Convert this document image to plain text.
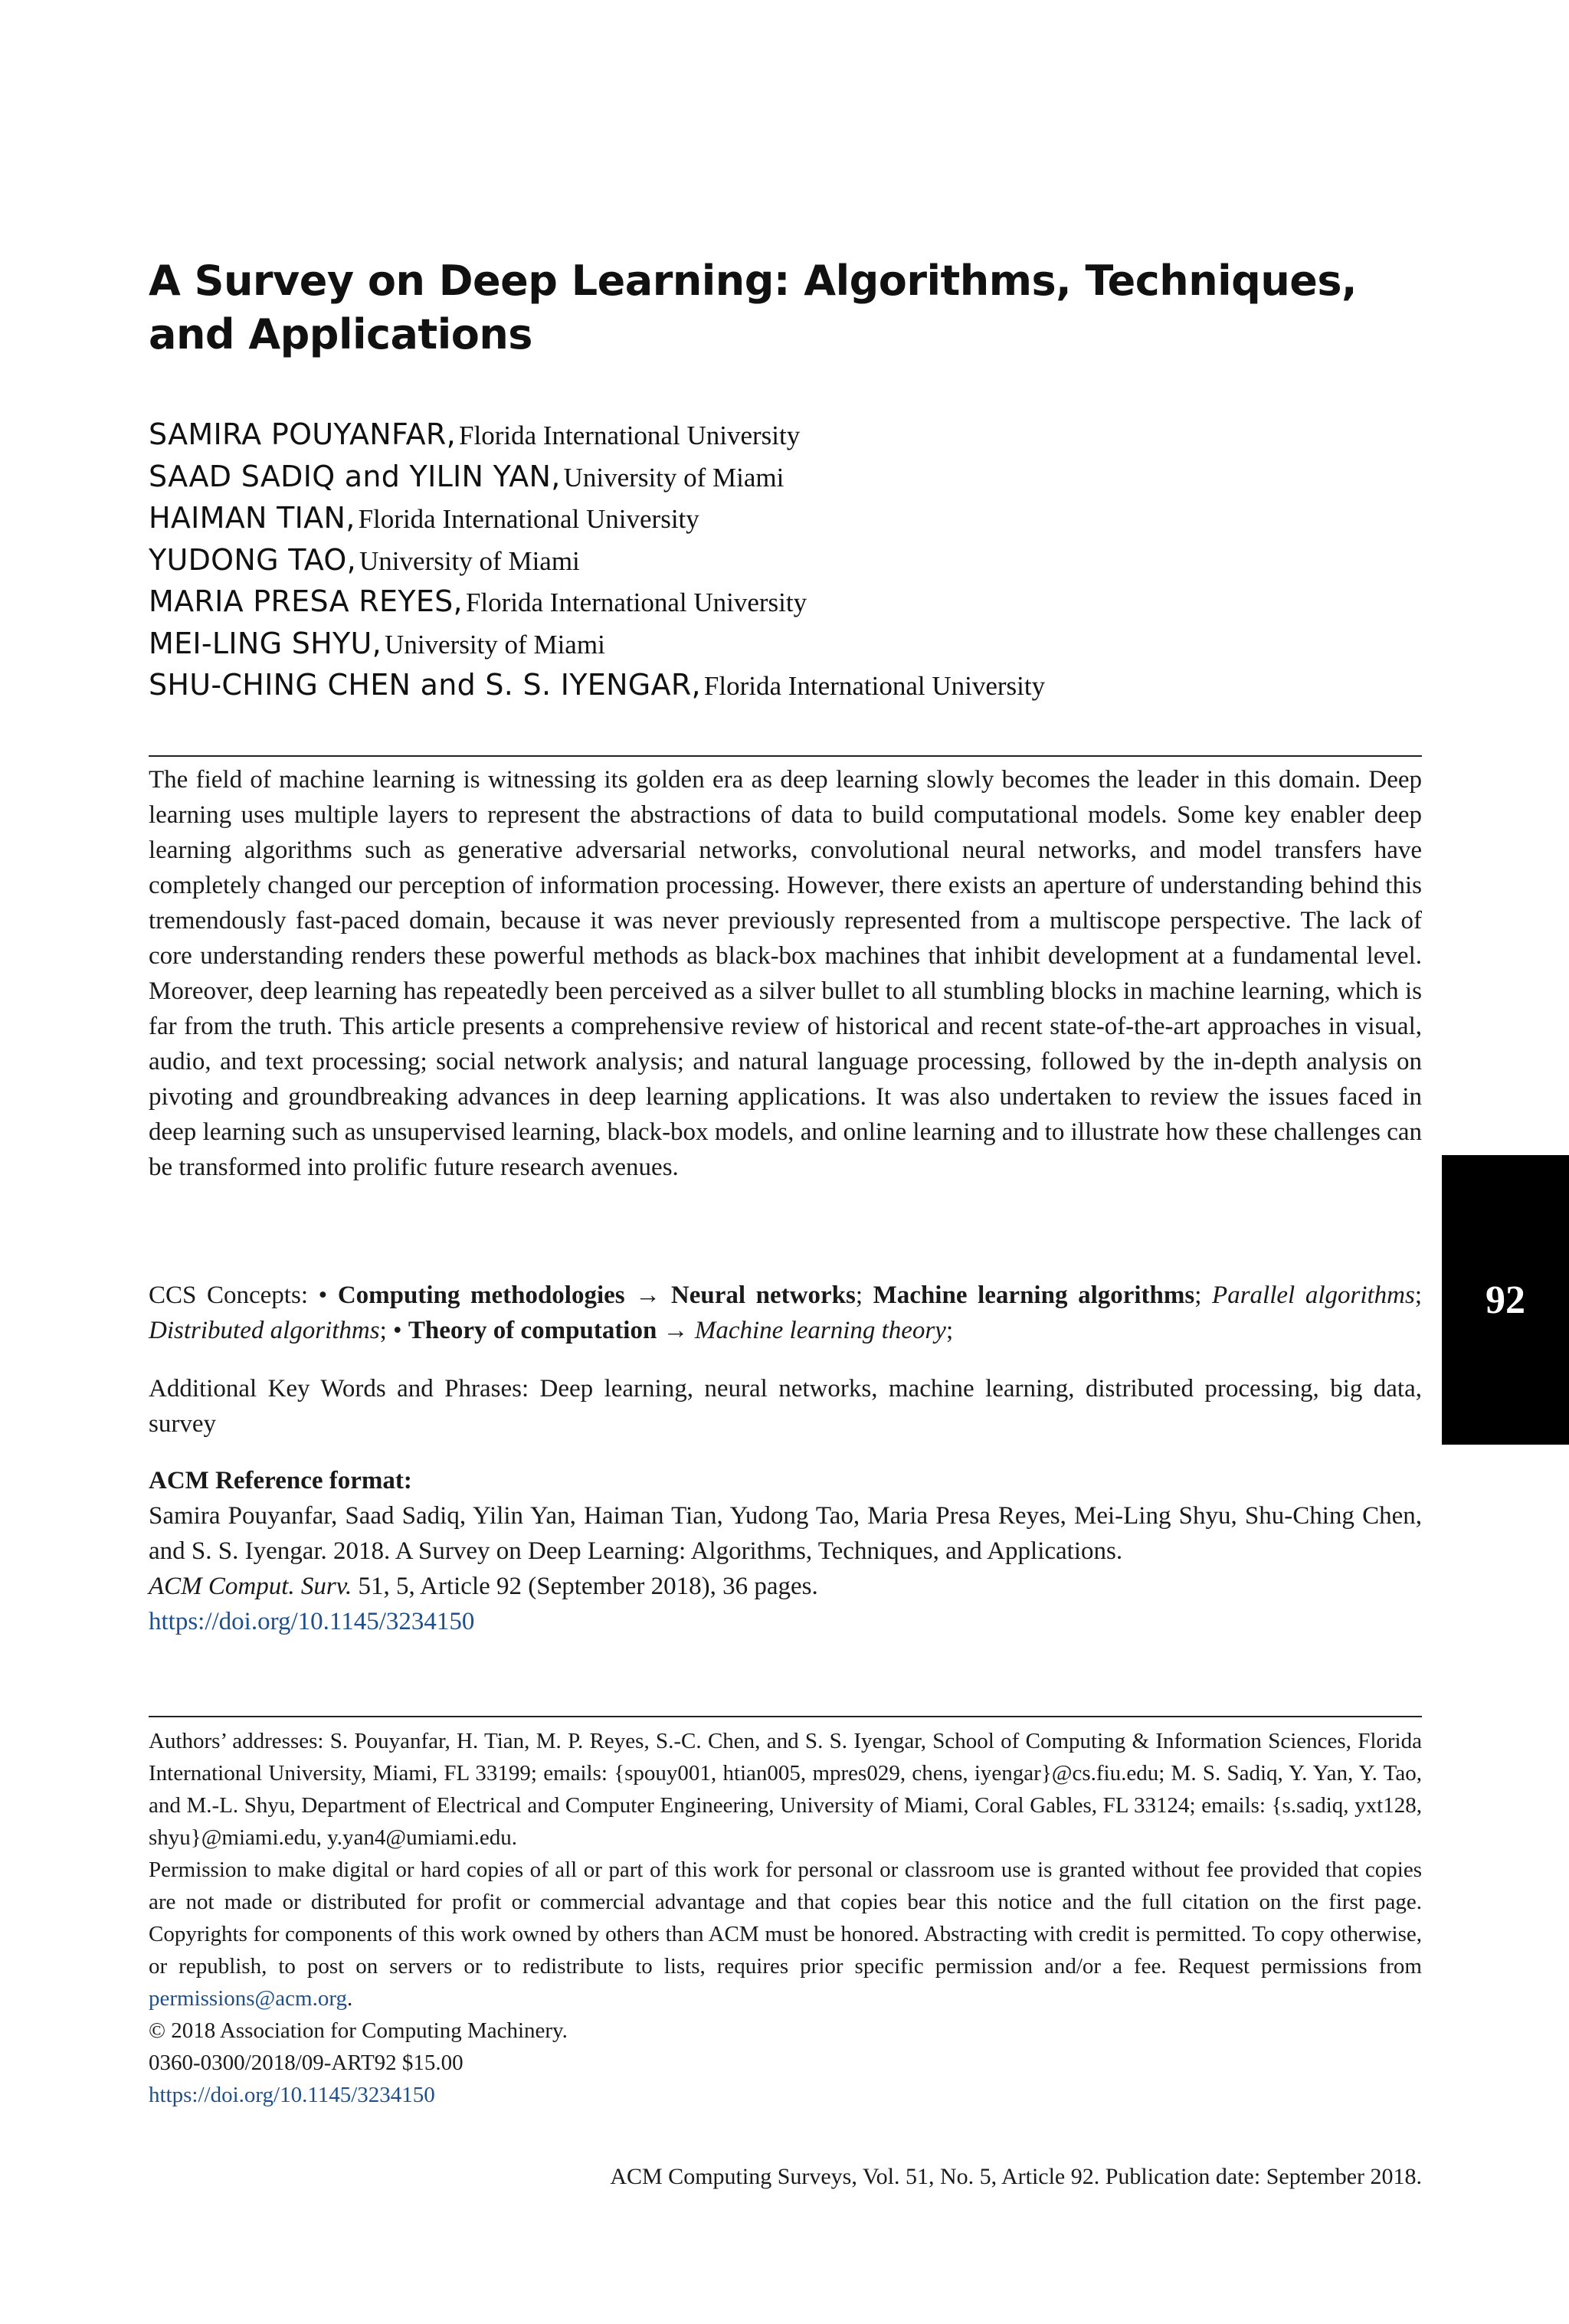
A Survey on Deep Learning: Algorithms, Techniques,
and Applications
SAMIRA POUYANFAR, Florida International University
SAAD SADIQ and YILIN YAN, University of Miami
HAIMAN TIAN, Florida International University
YUDONG TAO, University of Miami
MARIA PRESA REYES, Florida International University
MEI-LING SHYU, University of Miami
SHU-CHING CHEN and S. S. IYENGAR, Florida International University

The field of machine learning is witnessing its golden era as deep learning slowly becomes the leader in this domain. Deep learning uses multiple layers to represent the abstractions of data to build computational models. Some key enabler deep learning algorithms such as generative adversarial networks, convolutional neural networks, and model transfers have completely changed our perception of information processing. However, there exists an aperture of understanding behind this tremendously fast-paced domain, because it was never previously represented from a multiscope perspective. The lack of core understanding renders these powerful methods as black-box machines that inhibit development at a fundamental level. Moreover, deep learning has repeatedly been perceived as a silver bullet to all stumbling blocks in machine learning, which is far from the truth. This article presents a comprehensive review of historical and recent state-of-the-art approaches in visual, audio, and text processing; social network analysis; and natural language processing, followed by the in-depth analysis on pivoting and groundbreaking advances in deep learning applications. It was also undertaken to review the issues faced in deep learning such as unsupervised learning, black-box models, and online learning and to illustrate how these challenges can be transformed into prolific future research avenues.

CCS Concepts: • Computing methodologies → Neural networks; Machine learning algorithms; Parallel algorithms; Distributed algorithms; • Theory of computation → Machine learning theory;

Additional Key Words and Phrases: Deep learning, neural networks, machine learning, distributed processing, big data, survey

ACM Reference format:

Samira Pouyanfar, Saad Sadiq, Yilin Yan, Haiman Tian, Yudong Tao, Maria Presa Reyes, Mei-Ling Shyu, Shu-Ching Chen, and S. S. Iyengar. 2018. A Survey on Deep Learning: Algorithms, Techniques, and Applications.
ACM Comput. Surv. 51, 5, Article 92 (September 2018), 36 pages.
https://doi.org/10.1145/3234150

Authors’ addresses: S. Pouyanfar, H. Tian, M. P. Reyes, S.-C. Chen, and S. S. Iyengar, School of Computing & Information Sciences, Florida International University, Miami, FL 33199; emails: {spouy001, htian005, mpres029, chens, iyengar}@cs.fiu.edu; M. S. Sadiq, Y. Yan, Y. Tao, and M.-L. Shyu, Department of Electrical and Computer Engineering, University of Miami, Coral Gables, FL 33124; emails: {s.sadiq, yxt128, shyu}@miami.edu, y.yan4@umiami.edu.

Permission to make digital or hard copies of all or part of this work for personal or classroom use is granted without fee provided that copies are not made or distributed for profit or commercial advantage and that copies bear this notice and the full citation on the first page. Copyrights for components of this work owned by others than ACM must be honored. Abstracting with credit is permitted. To copy otherwise, or republish, to post on servers or to redistribute to lists, requires prior specific permission and/or a fee. Request permissions from permissions@acm.org.

© 2018 Association for Computing Machinery.

0360-0300/2018/09-ART92 $15.00

https://doi.org/10.1145/3234150

ACM Computing Surveys, Vol. 51, No. 5, Article 92. Publication date: September 2018.
92
